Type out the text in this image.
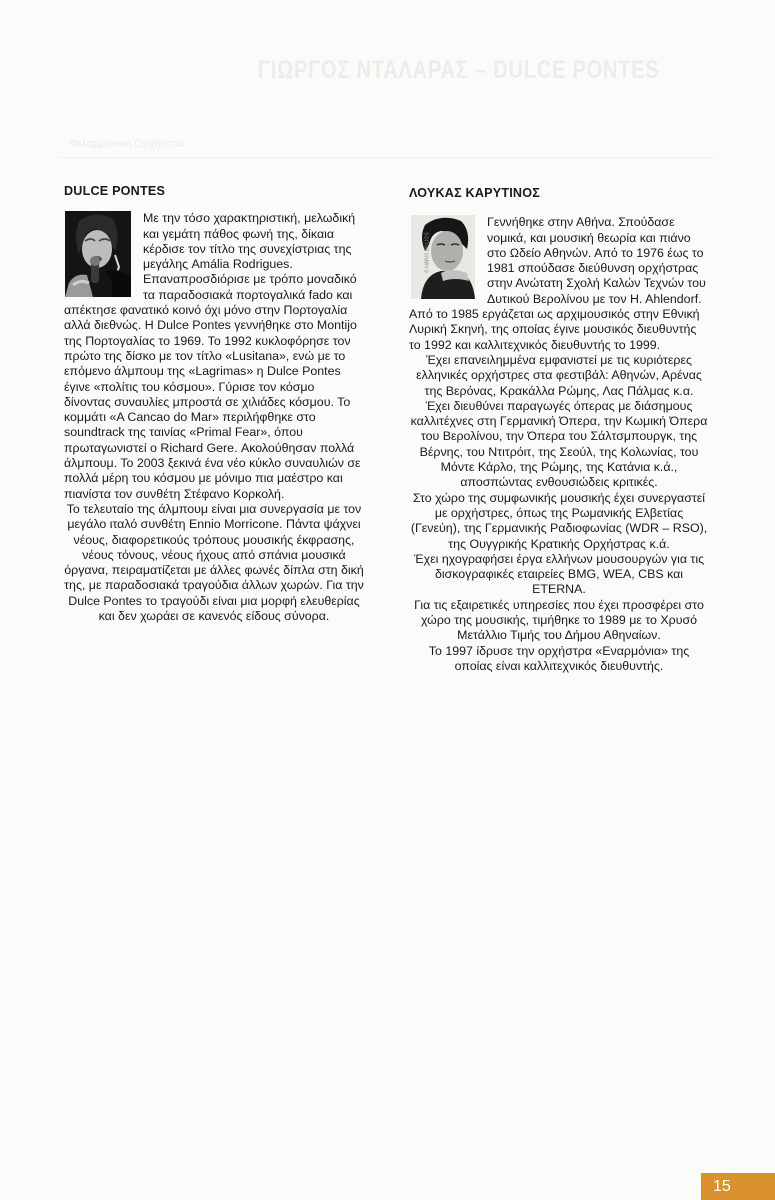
ΓΙΩΡΓΟΣ ΝΤΑΛΑΡΑΣ – DULCE PONTES
Φιλαρμονική Ορχήστρα
DULCE PONTES

Με την τόσο χαρακτηριστική, μελωδική και γεμάτη πάθος φωνή της, δίκαια κέρδισε τον τίτλο της συνεχίστριας της μεγάλης Amália Rodrigues. Επαναπροσδιόρισε με τρόπο μοναδικό τα παραδοσιακά πορτογαλικά fado και απέκτησε φανατικό κοινό όχι μόνο στην Πορτογαλία αλλά διεθνώς. Η Dulce Pontes γεννήθηκε στο Montijo της Πορτογαλίας το 1969. Το 1992 κυκλοφόρησε τον πρώτο της δίσκο με τον τίτλο «Lusitana», ενώ με το επόμενο άλμπουμ της «Lagrimas» η Dulce Pontes έγινε «πολίτις του κόσμου». Γύρισε τον κόσμο δίνοντας συναυλίες μπροστά σε χιλιάδες κόσμου. Το κομμάτι «A Cancao do Mar» περιλήφθηκε στο soundtrack της ταινίας «Primal Fear», όπου πρωταγωνιστεί ο Richard Gere. Ακολούθησαν πολλά άλμπουμ. Το 2003 ξεκινά ένα νέο κύκλο συναυλιών σε πολλά μέρη του κόσμου με μόνιμο πια μαέστρο και πιανίστα τον συνθέτη Στέφανο Κορκολή.

Το τελευταίο της άλμπουμ είναι μια συνεργασία με τον μεγάλο ιταλό συνθέτη Ennio Morricone. Πάντα ψάχνει νέους, διαφορετικούς τρόπους μουσικής έκφρασης, νέους τόνους, νέους ήχους από σπάνια μουσικά όργανα, πειραματίζεται με άλλες φωνές δίπλα στη δική της, με παραδοσιακά τραγούδια άλλων χωρών. Για την Dulce Pontes το τραγούδι είναι μια μορφή ελευθερίας και δεν χωράει σε κανενός είδους σύνορα.

ΛΟΥΚΑΣ ΚΑΡΥΤΙΝΟΣ
© HARIS BILLIOS

Γεννήθηκε στην Αθήνα. Σπούδασε νομικά, και μουσική θεωρία και πιάνο στο Ωδείο Αθηνών. Από το 1976 έως το 1981 σπούδασε διεύθυνση ορχήστρας στην Ανώτατη Σχολή Καλών Τεχνών του Δυτικού Βερολίνου με τον H. Ahlendorf. Από το 1985 εργάζεται ως αρχιμουσικός στην Εθνική Λυρική Σκηνή, της οποίας έγινε μουσικός διευθυντής το 1992 και καλλιτεχνικός διευθυντής το 1999.

Έχει επανειλημμένα εμφανιστεί με τις κυριότερες ελληνικές ορχήστρες στα φεστιβάλ: Αθηνών, Αρένας της Βερόνας, Κρακάλλα Ρώμης, Λας Πάλμας κ.α.

Έχει διευθύνει παραγωγές όπερας με διάσημους καλλιτέχνες στη Γερμανική Όπερα, την Κωμική Όπερα του Βερολίνου, την Όπερα του Σάλτσμπουργκ, της Βέρνης, του Ντιτρόιτ, της Σεούλ, της Κολωνίας, του Μόντε Κάρλο, της Ρώμης, της Κατάνια κ.ά., αποσπώντας ενθουσιώδεις κριτικές.

Στο χώρο της συμφωνικής μουσικής έχει συνεργαστεί με ορχήστρες, όπως της Ρωμανικής Ελβετίας (Γενεύη), της Γερμανικής Ραδιοφωνίας (WDR – RSO), της Ουγγρικής Κρατικής Ορχήστρας κ.ά.

Έχει ηχογραφήσει έργα ελλήνων μουσουργών για τις δισκογραφικές εταιρείες BMG, WEA, CBS και ETERNA.

Για τις εξαιρετικές υπηρεσίες που έχει προσφέρει στο χώρο της μουσικής, τιμήθηκε το 1989 με το Χρυσό Μετάλλιο Τιμής του Δήμου Αθηναίων.

Το 1997 ίδρυσε την ορχήστρα «Εναρμόνια» της οποίας είναι καλλιτεχνικός διευθυντής.

15
